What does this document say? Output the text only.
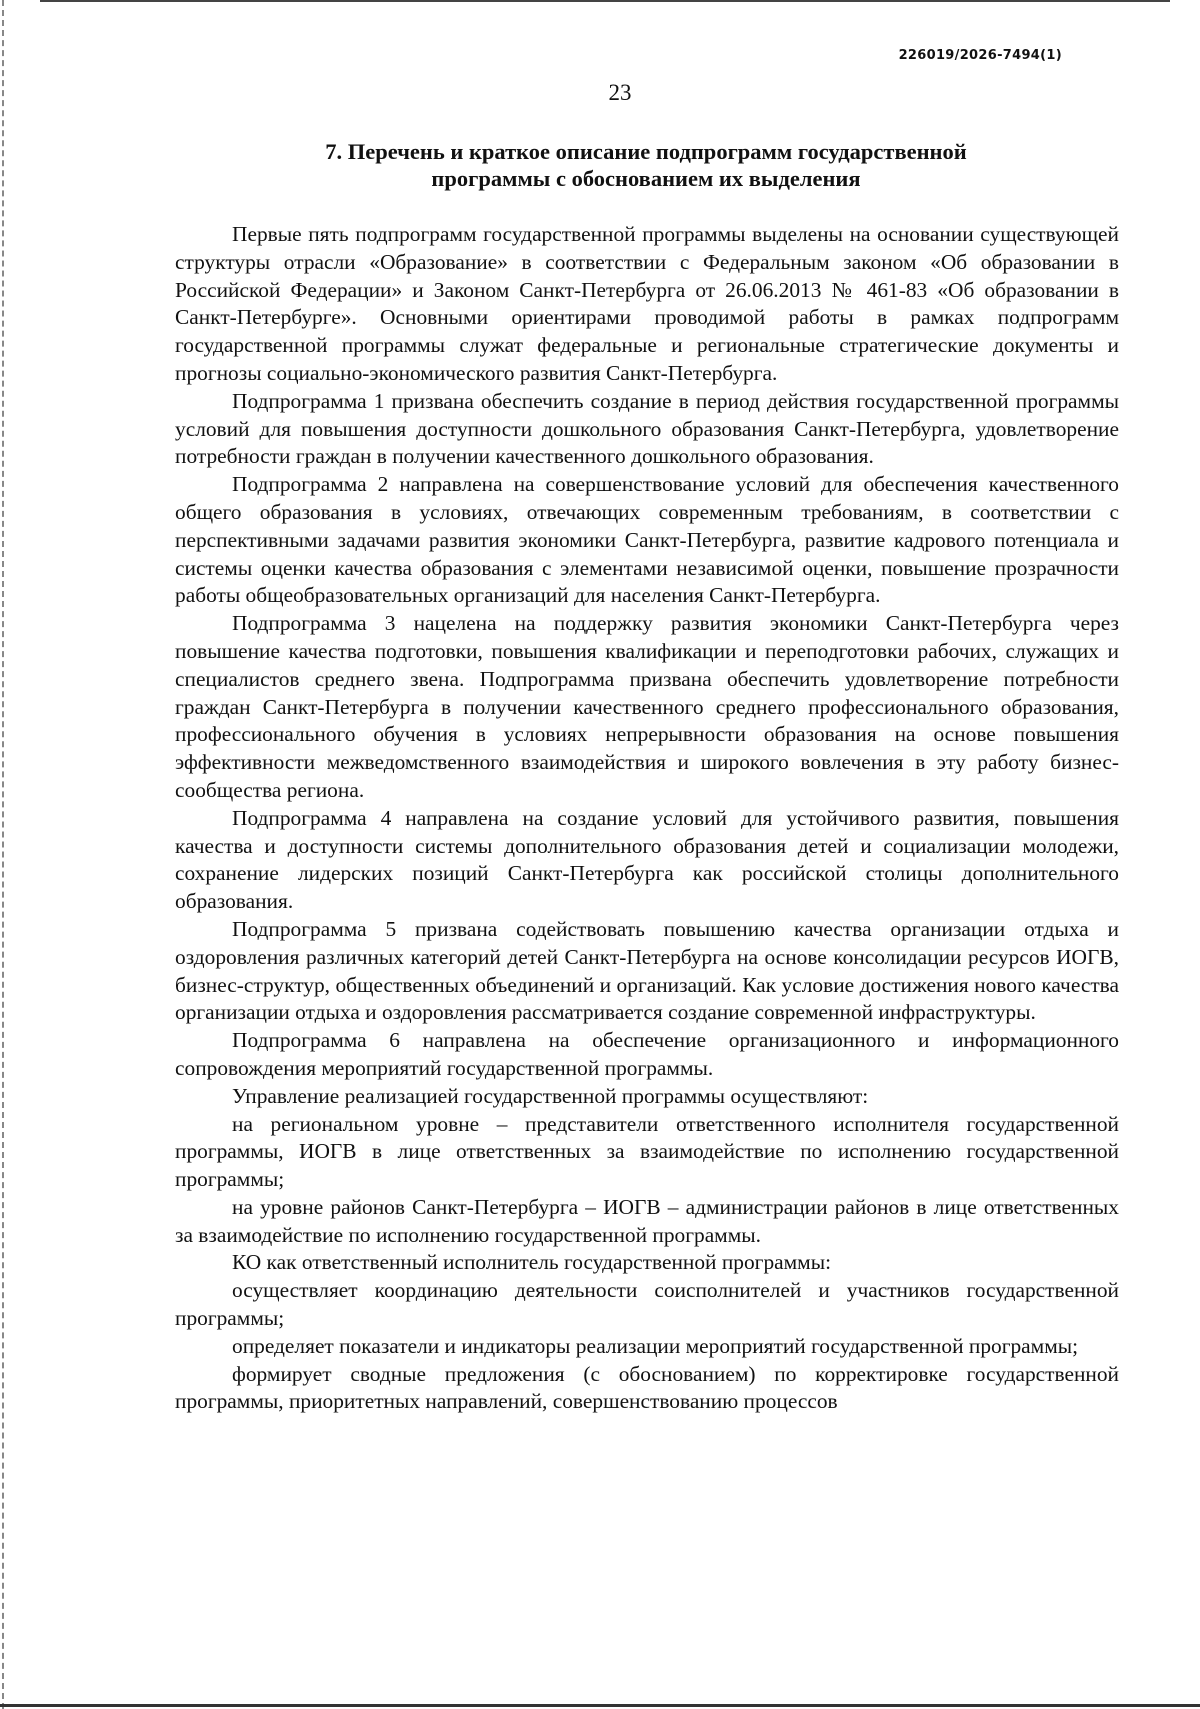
226019/2026-7494(1)
23
7. Перечень и краткое описание подпрограмм государственной
программы с обоснованием их выделения

Первые пять подпрограмм государственной программы выделены на основании существующей структуры отрасли «Образование» в соответствии с Федеральным законом «Об образовании в Российской Федерации» и Законом Санкт-Петербурга от 26.06.2013 № 461-83 «Об образовании в Санкт-Петербурге». Основными ориентирами проводимой работы в рамках подпрограмм государственной программы служат федеральные и региональные стратегические документы и прогнозы социально-экономического развития Санкт-Петербурга.

Подпрограмма 1 призвана обеспечить создание в период действия государственной программы условий для повышения доступности дошкольного образования Санкт-Петербурга, удовлетворение потребности граждан в получении качественного дошкольного образования.

Подпрограмма 2 направлена на совершенствование условий для обеспечения качественного общего образования в условиях, отвечающих современным требованиям, в соответствии с перспективными задачами развития экономики Санкт-Петербурга, развитие кадрового потенциала и системы оценки качества образования с элементами независимой оценки, повышение прозрачности работы общеобразовательных организаций для населения Санкт-Петербурга.

Подпрограмма 3 нацелена на поддержку развития экономики Санкт-Петербурга через повышение качества подготовки, повышения квалификации и переподготовки рабочих, служащих и специалистов среднего звена. Подпрограмма призвана обеспечить удовлетворение потребности граждан Санкт-Петербурга в получении качественного среднего профессионального образования, профессионального обучения в условиях непрерывности образования на основе повышения эффективности межведомственного взаимодействия и широкого вовлечения в эту работу бизнес-сообщества региона.

Подпрограмма 4 направлена на создание условий для устойчивого развития, повышения качества и доступности системы дополнительного образования детей и социализации молодежи, сохранение лидерских позиций Санкт-Петербурга как российской столицы дополнительного образования.

Подпрограмма 5 призвана содействовать повышению качества организации отдыха и оздоровления различных категорий детей Санкт-Петербурга на основе консолидации ресурсов ИОГВ, бизнес-структур, общественных объединений и организаций. Как условие достижения нового качества организации отдыха и оздоровления рассматривается создание современной инфраструктуры.

Подпрограмма 6 направлена на обеспечение организационного и информационного сопровождения мероприятий государственной программы.

Управление реализацией государственной программы осуществляют:

на региональном уровне – представители ответственного исполнителя государственной программы, ИОГВ в лице ответственных за взаимодействие по исполнению государственной программы;

на уровне районов Санкт-Петербурга – ИОГВ – администрации районов в лице ответственных за взаимодействие по исполнению государственной программы.

КО как ответственный исполнитель государственной программы:

осуществляет координацию деятельности соисполнителей и участников государственной программы;

определяет показатели и индикаторы реализации мероприятий государственной программы;

формирует сводные предложения (с обоснованием) по корректировке государственной программы, приоритетных направлений, совершенствованию процессов
